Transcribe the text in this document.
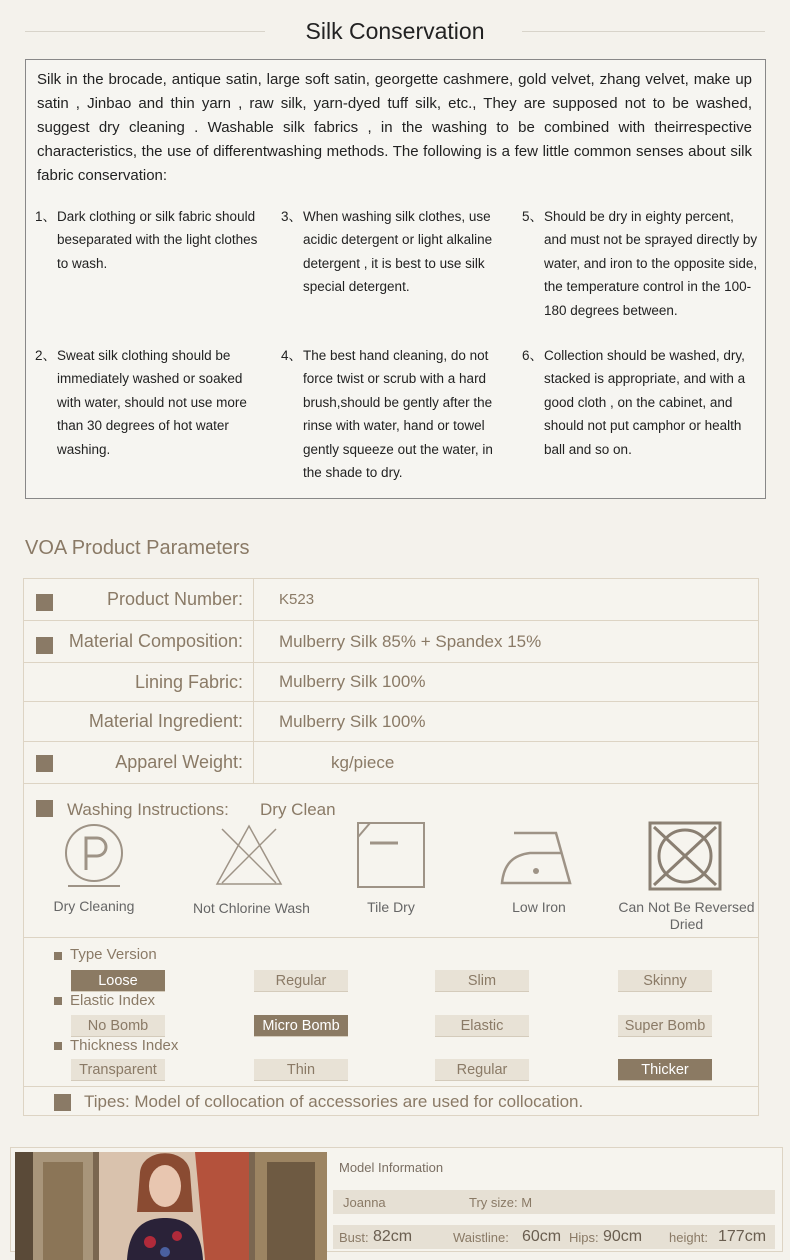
Silk Conservation
Silk in the brocade, antique satin, large soft satin, georgette cashmere, gold velvet, zhang velvet, make up satin , Jinbao and thin yarn , raw silk, yarn-dyed tuff silk, etc., They are supposed not to be washed, suggest dry cleaning . Washable silk fabrics , in the washing to be combined with theirrespective characteristics, the use of differentwashing methods. The following is a few little common senses about silk fabric conservation:
1、 Dark clothing or silk fabric should beseparated with the light clothes to wash.
3、 When washing silk clothes, use acidic detergent or light alkaline detergent , it is best to use silk special detergent.
5、 Should be dry in eighty percent, and must not be sprayed directly by water, and iron to the opposite side, the temperature control in the 100-180 degrees between.
2、 Sweat silk clothing should be immediately washed or soaked with water, should not use more than 30 degrees of hot water washing.
4、 The best hand cleaning, do not force twist or scrub with a hard brush,should be gently after the rinse with water, hand or towel gently squeeze out the water, in the shade to dry.
6、 Collection should be washed, dry, stacked is appropriate, and with a good cloth , on the cabinet, and should not put camphor or health ball and so on.
VOA Product Parameters
Product Number:	K523
Material Composition:	Mulberry Silk 85% + Spandex 15%
Lining Fabric:	Mulberry Silk 100%
Material Ingredient:	Mulberry Silk 100%
Apparel Weight:	kg/piece
Washing Instructions: Dry Clean
Dry Cleaning	Not Chlorine Wash	Tile Dry	Low Iron	Can Not Be Reversed Dried
Type Version
Loose	Regular	Slim	Skinny
Elastic Index
No Bomb	Micro Bomb	Elastic	Super Bomb
Thickness Index
Transparent	Thin	Regular	Thicker
Tipes: Model of collocation of accessories are used for collocation.
Model Information
Joanna	Try size: M
Bust: 82cm	Waistline: 60cm Hips: 90cm height: 177cm
